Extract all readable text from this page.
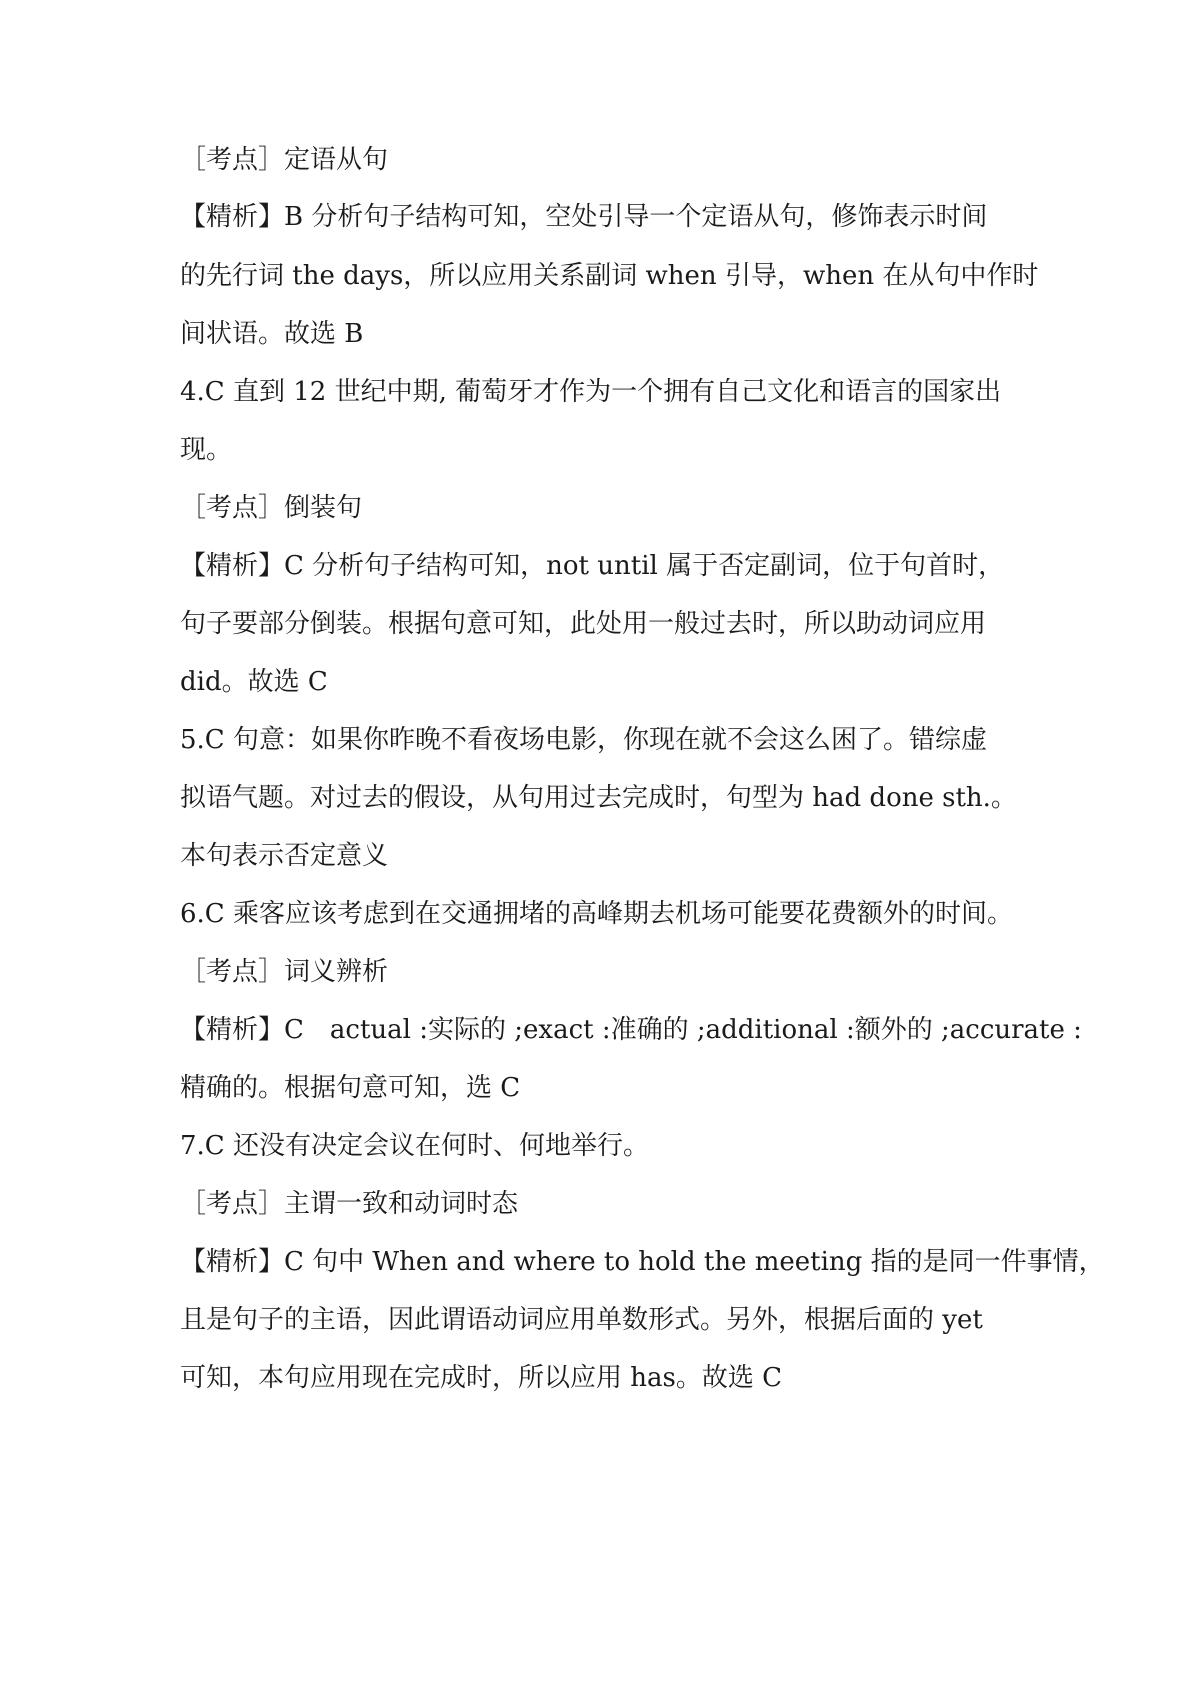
［考点］定语从句
【精析】B 分析句子结构可知，空处引导一个定语从句，修饰表示时间
的先行词 the days，所以应用关系副词 when 引导，when 在从句中作时
间状语。故选 B
4.C 直到 12 世纪中期, 葡萄牙才作为一个拥有自己文化和语言的国家出
现。
［考点］倒装句
【精析】C 分析句子结构可知，not until 属于否定副词，位于句首时，
句子要部分倒装。根据句意可知，此处用一般过去时，所以助动词应用
did。故选 C
5.C 句意：如果你昨晚不看夜场电影，你现在就不会这么困了。错综虚
拟语气题。对过去的假设，从句用过去完成时，句型为 had done sth.。
本句表示否定意义
6.C 乘客应该考虑到在交通拥堵的高峰期去机场可能要花费额外的时间。
［考点］词义辨析
【精析】C　actual :实际的 ;exact :准确的 ;additional :额外的 ;accurate :
精确的。根据句意可知，选 C
7.C 还没有决定会议在何时、何地举行。
［考点］主谓一致和动词时态
【精析】C 句中 When and where to hold the meeting 指的是同一件事情，
且是句子的主语，因此谓语动词应用单数形式。另外，根据后面的 yet
可知，本句应用现在完成时，所以应用 has。故选 C
